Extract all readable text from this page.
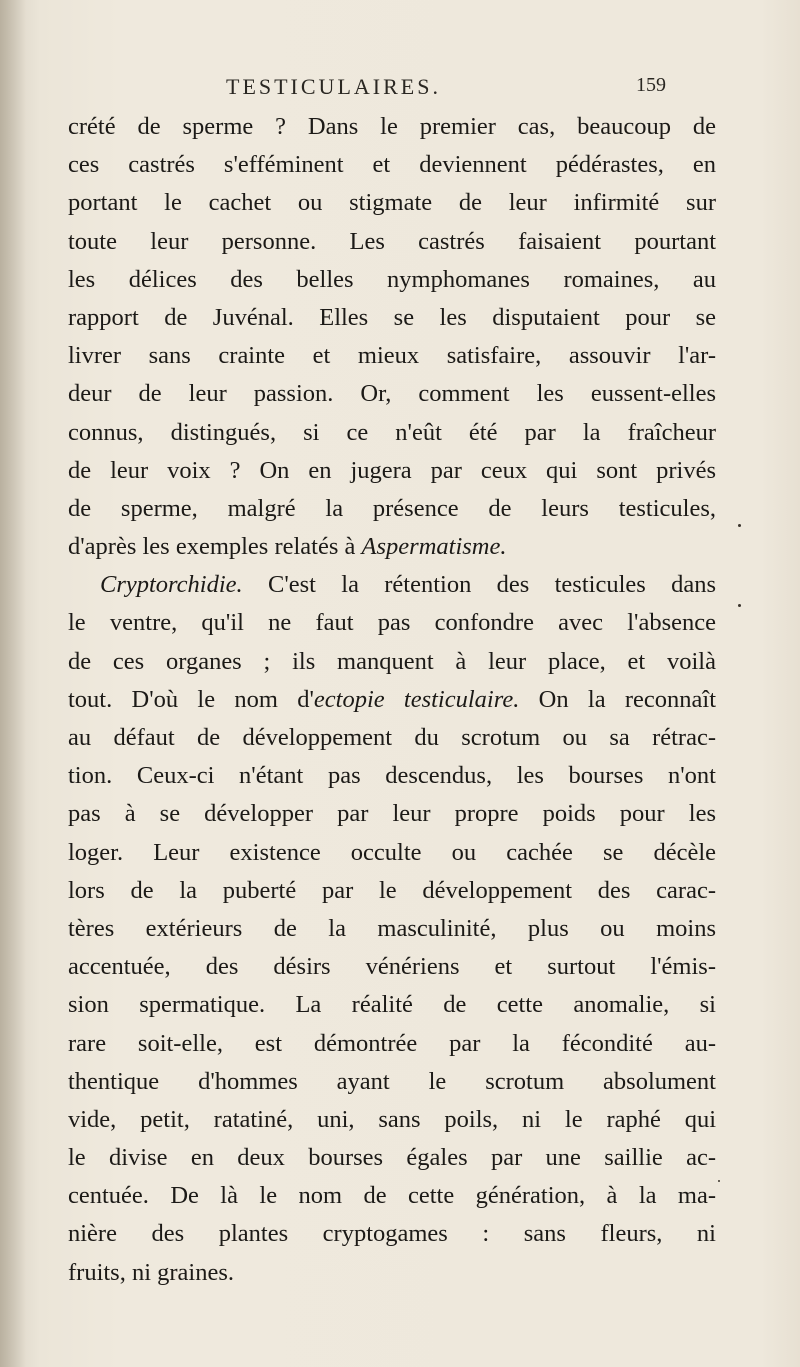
TESTICULAIRES.	159
crété de sperme ? Dans le premier cas, beaucoup de
ces castrés s'efféminent et deviennent pédérastes, en
portant le cachet ou stigmate de leur infirmité sur
toute leur personne. Les castrés faisaient pourtant
les délices des belles nymphomanes romaines, au
rapport de Juvénal. Elles se les disputaient pour se
livrer sans crainte et mieux satisfaire, assouvir l'ar-
deur de leur passion. Or, comment les eussent-elles
connus, distingués, si ce n'eût été par la fraîcheur
de leur voix ? On en jugera par ceux qui sont privés
de sperme, malgré la présence de leurs testicules,
d'après les exemples relatés à Aspermatisme.
Cryptorchidie. C'est la rétention des testicules dans
le ventre, qu'il ne faut pas confondre avec l'absence
de ces organes ; ils manquent à leur place, et voilà
tout. D'où le nom d'ectopie testiculaire. On la reconnaît
au défaut de développement du scrotum ou sa rétrac-
tion. Ceux-ci n'étant pas descendus, les bourses n'ont
pas à se développer par leur propre poids pour les
loger. Leur existence occulte ou cachée se décèle
lors de la puberté par le développement des carac-
tères extérieurs de la masculinité, plus ou moins
accentuée, des désirs vénériens et surtout l'émis-
sion spermatique. La réalité de cette anomalie, si
rare soit-elle, est démontrée par la fécondité au-
thentique d'hommes ayant le scrotum absolument
vide, petit, ratatiné, uni, sans poils, ni le raphé qui
le divise en deux bourses égales par une saillie ac-
centuée. De là le nom de cette génération, à la ma-
nière des plantes cryptogames : sans fleurs, ni
fruits, ni graines.
